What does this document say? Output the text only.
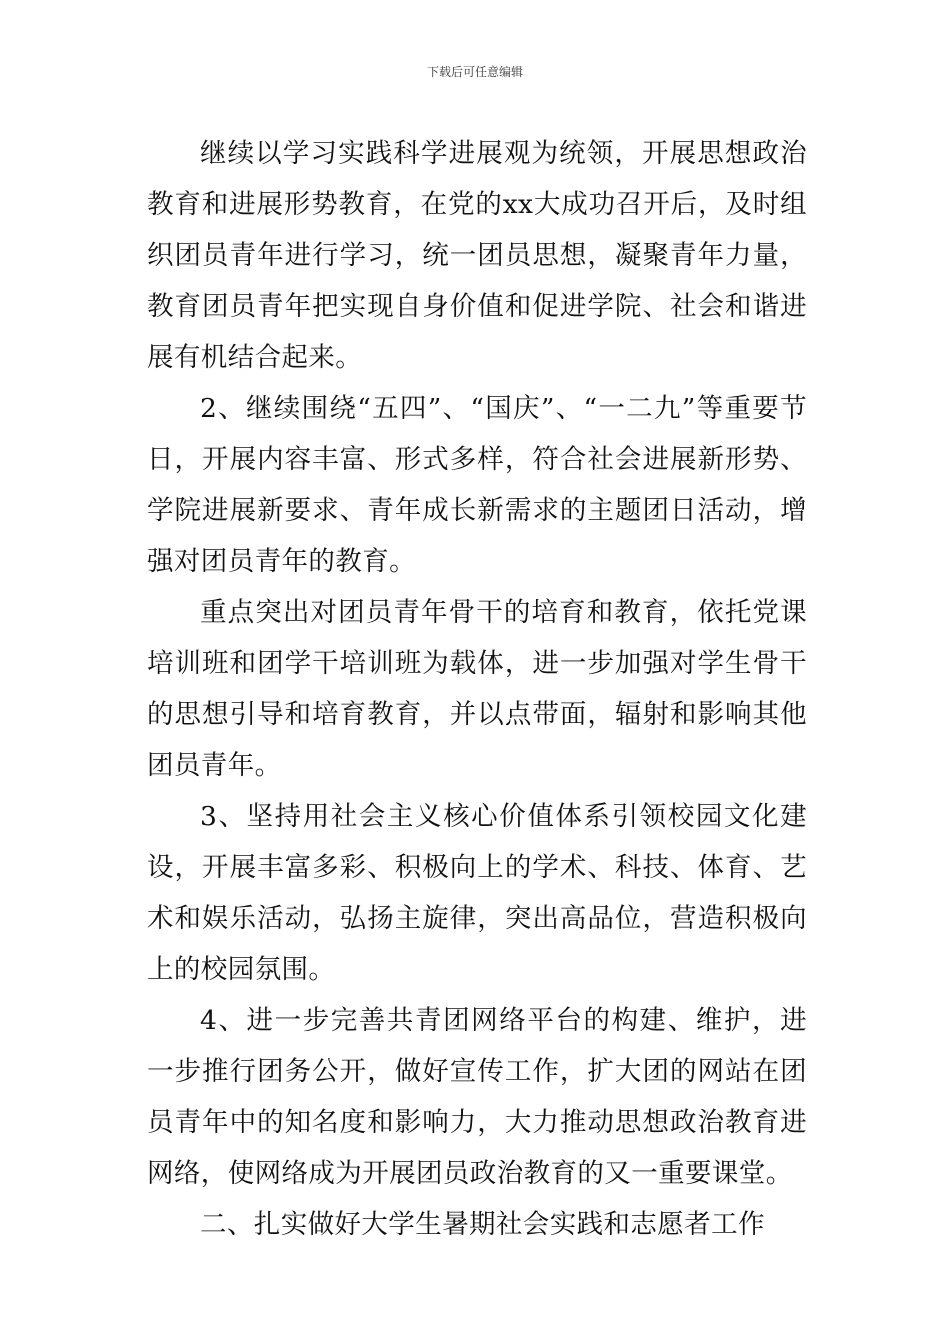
下载后可任意编辑

继续以学习实践科学进展观为统领，开展思想政治教育和进展形势教育，在党的xx大成功召开后，及时组织团员青年进行学习，统一团员思想，凝聚青年力量，教育团员青年把实现自身价值和促进学院、社会和谐进展有机结合起来。

2、继续围绕“五四”、“国庆”、“一二九”等重要节日，开展内容丰富、形式多样，符合社会进展新形势、学院进展新要求、青年成长新需求的主题团日活动，增强对团员青年的教育。

重点突出对团员青年骨干的培育和教育，依托党课培训班和团学干培训班为载体，进一步加强对学生骨干的思想引导和培育教育，并以点带面，辐射和影响其他团员青年。

3、坚持用社会主义核心价值体系引领校园文化建设，开展丰富多彩、积极向上的学术、科技、体育、艺术和娱乐活动，弘扬主旋律，突出高品位，营造积极向上的校园氛围。

4、进一步完善共青团网络平台的构建、维护，进一步推行团务公开，做好宣传工作，扩大团的网站在团员青年中的知名度和影响力，大力推动思想政治教育进网络，使网络成为开展团员政治教育的又一重要课堂。

二、扎实做好大学生暑期社会实践和志愿者工作
